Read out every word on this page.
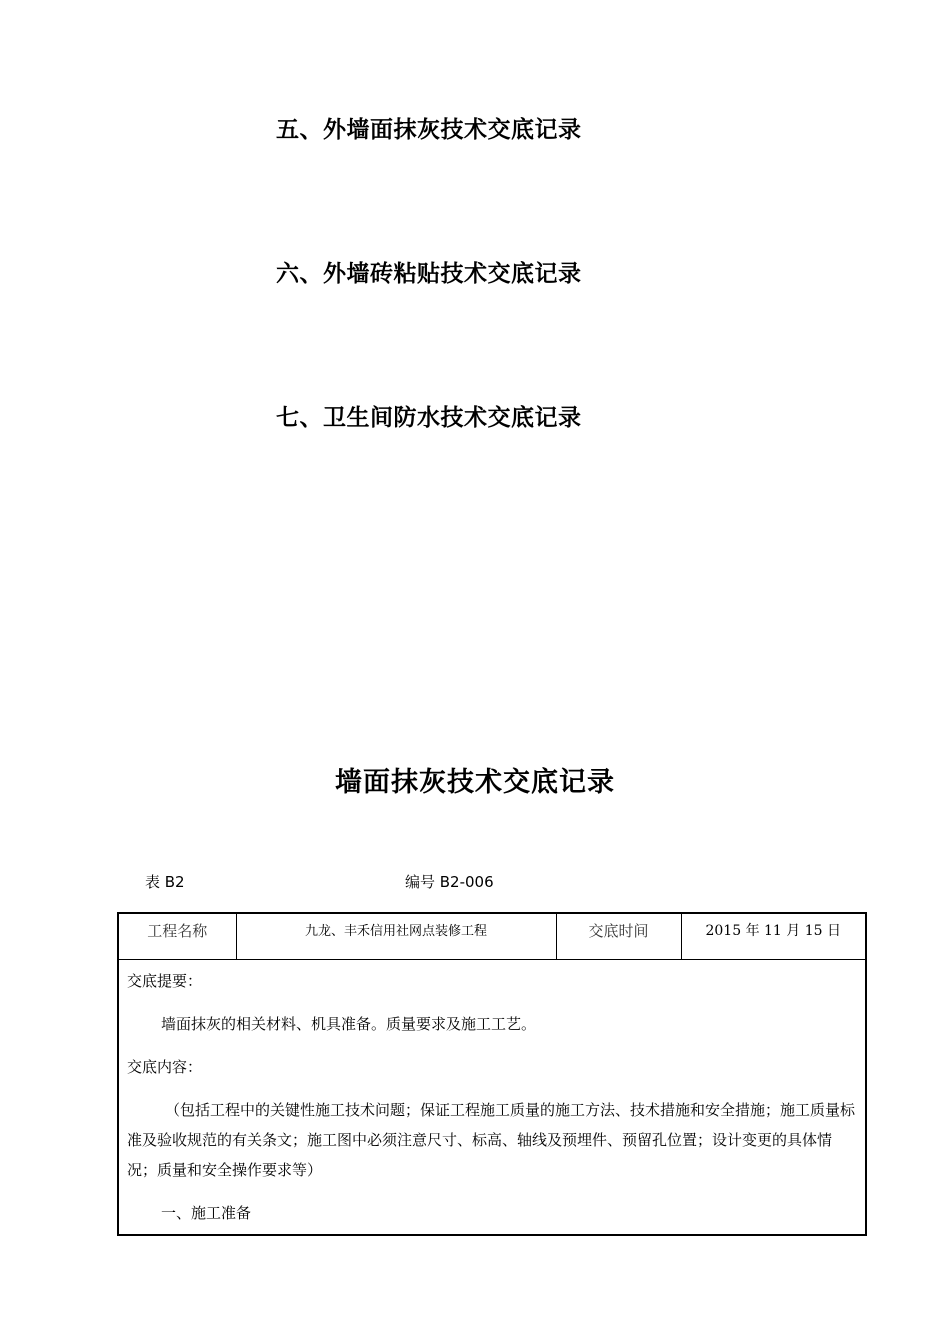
五、外墙面抹灰技术交底记录
六、外墙砖粘贴技术交底记录
七、卫生间防水技术交底记录
墙面抹灰技术交底记录
表 B2	编号 B2-006
工程名称	九龙、丰禾信用社网点装修工程	交底时间	2015 年 11 月 15 日

交底提要：

墙面抹灰的相关材料、机具准备。质量要求及施工工艺。

交底内容：

（包括工程中的关键性施工技术问题；保证工程施工质量的施工方法、技术措施和安全措施；施工质量标准及验收规范的有关条文；施工图中必须注意尺寸、标高、轴线及预埋件、预留孔位置；设计变更的具体情况；质量和安全操作要求等）

一、施工准备
